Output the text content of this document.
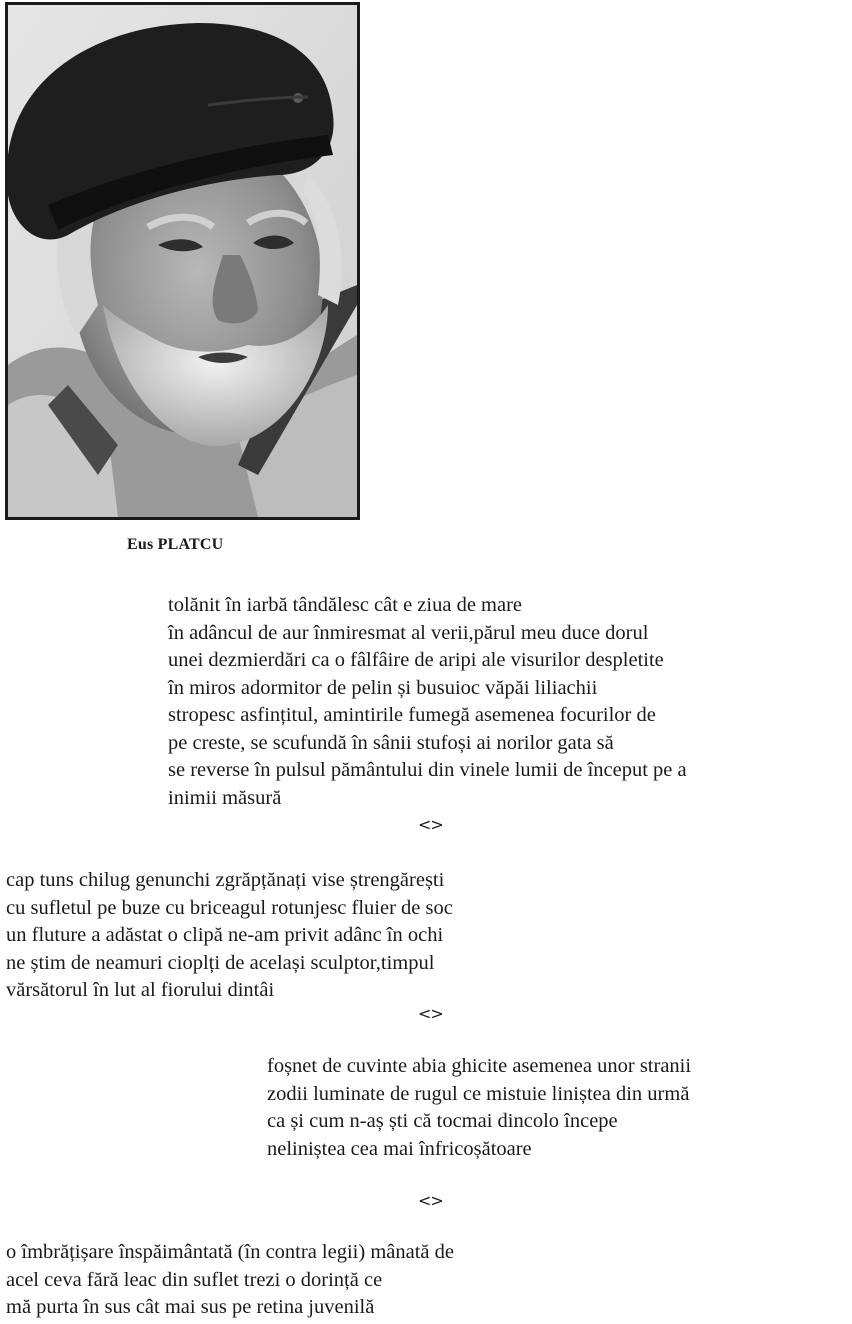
Eus PLATCU
tolănit în iarbă tândălesc cât e ziua de mare
în adâncul de aur înmiresmat al verii,părul meu duce dorul
unei dezmierdări ca o fâlfâire de aripi ale visurilor despletite
în miros adormitor de pelin și busuioc văpăi liliachii
stropesc asfințitul, amintirile fumegă asemenea focurilor de
pe creste, se scufundă în sânii stufoși ai norilor gata să
se reverse în pulsul pământului din vinele lumii de început pe a
inimii măsură
<>
cap tuns chilug genunchi zgrăpțănați vise ștrengărești
cu sufletul pe buze cu briceagul rotunjesc fluier de soc
un fluture a adăstat o clipă ne-am privit adânc în ochi
ne știm de neamuri cioplți de același sculptor,timpul
vărsătorul în lut al fiorului dintâi
<>
foșnet de cuvinte abia ghicite asemenea unor stranii
zodii luminate de rugul ce mistuie liniștea din urmă
ca și cum n-aș ști că tocmai dincolo începe
neliniștea cea mai înfricoșătoare
<>
o îmbrățișare înspăimântată (în contra legii) mânată de
acel ceva fără leac din suflet trezi o dorință ce
mă purta în sus cât mai sus pe retina juvenilă
